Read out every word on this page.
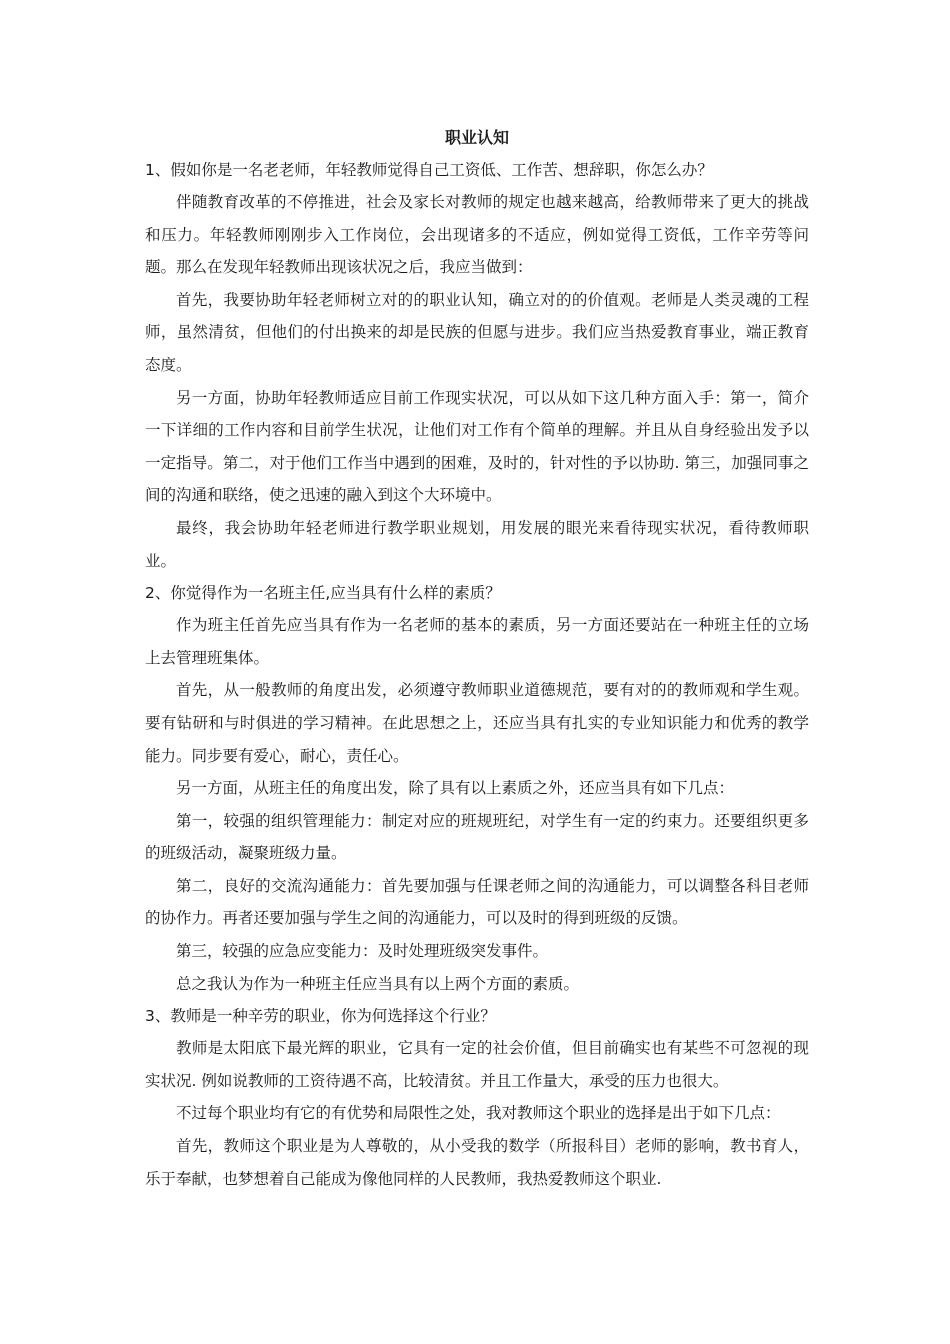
职业认知

1、假如你是一名老老师，年轻教师觉得自己工资低、工作苦、想辞职，你怎么办？

伴随教育改革的不停推进，社会及家长对教师的规定也越来越高，给教师带来了更大的挑战和压力。年轻教师刚刚步入工作岗位，会出现诸多的不适应，例如觉得工资低，工作辛劳等问题。那么在发现年轻教师出现该状况之后，我应当做到：

首先，我要协助年轻老师树立对的的职业认知，确立对的的价值观。老师是人类灵魂的工程师，虽然清贫，但他们的付出换来的却是民族的但愿与进步。我们应当热爱教育事业，端正教育态度。

另一方面，协助年轻教师适应目前工作现实状况，可以从如下这几种方面入手：第一，简介一下详细的工作内容和目前学生状况，让他们对工作有个简单的理解。并且从自身经验出发予以一定指导。第二，对于他们工作当中遇到的困难，及时的，针对性的予以协助. 第三，加强同事之间的沟通和联络，使之迅速的融入到这个大环境中。

最终，我会协助年轻老师进行教学职业规划，用发展的眼光来看待现实状况，看待教师职业。

2、你觉得作为一名班主任,应当具有什么样的素质？

作为班主任首先应当具有作为一名老师的基本的素质，另一方面还要站在一种班主任的立场上去管理班集体。

首先，从一般教师的角度出发，必须遵守教师职业道德规范，要有对的的教师观和学生观。要有钻研和与时俱进的学习精神。在此思想之上，还应当具有扎实的专业知识能力和优秀的教学能力。同步要有爱心，耐心，责任心。

另一方面，从班主任的角度出发，除了具有以上素质之外，还应当具有如下几点：

第一，较强的组织管理能力：制定对应的班规班纪，对学生有一定的约束力。还要组织更多的班级活动，凝聚班级力量。

第二，良好的交流沟通能力：首先要加强与任课老师之间的沟通能力，可以调整各科目老师的协作力。再者还要加强与学生之间的沟通能力，可以及时的得到班级的反馈。

第三，较强的应急应变能力：及时处理班级突发事件。

总之我认为作为一种班主任应当具有以上两个方面的素质。

3、教师是一种辛劳的职业，你为何选择这个行业？

教师是太阳底下最光辉的职业，它具有一定的社会价值，但目前确实也有某些不可忽视的现实状况. 例如说教师的工资待遇不高，比较清贫。并且工作量大，承受的压力也很大。

不过每个职业均有它的有优势和局限性之处，我对教师这个职业的选择是出于如下几点：

首先，教师这个职业是为人尊敬的，从小受我的数学（所报科目）老师的影响，教书育人，乐于奉献，也梦想着自己能成为像他同样的人民教师，我热爱教师这个职业.
